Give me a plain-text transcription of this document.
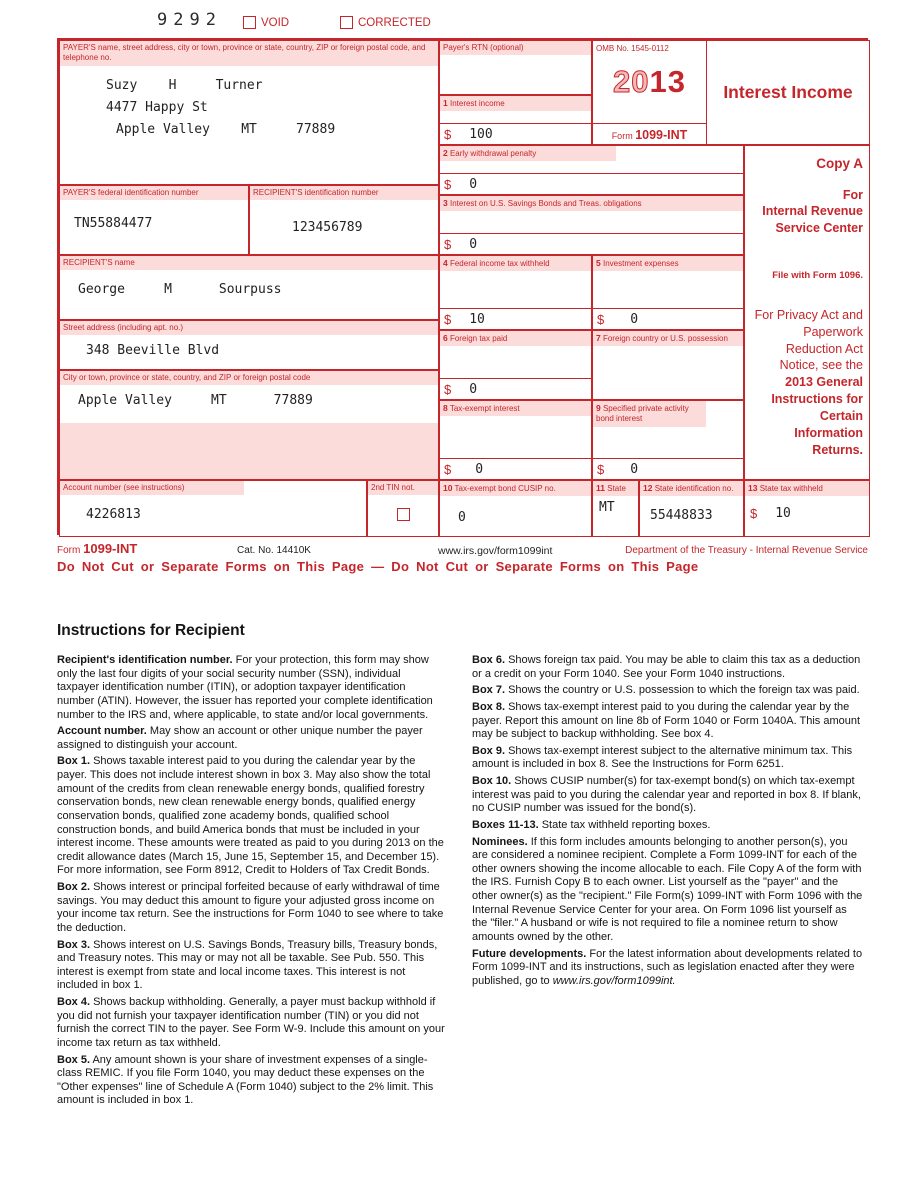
9292	VOID	CORRECTED
PAYER'S name, street address, city or town, province or state, country, ZIP or foreign postal code, and telephone no.
Suzy    H     Turner
4477 Happy St
Apple Valley    MT     77889
Payer's RTN (optional)
1 Interest income
$ 100
OMB No. 1545-0112
2013
Form 1099-INT
Interest Income
2 Early withdrawal penalty
$ 0
Copy A
For
Internal Revenue
Service Center
File with Form 1096.
For Privacy Act and Paperwork Reduction Act Notice, see the 2013 General Instructions for Certain Information Returns.
PAYER'S federal identification number
TN55884477
RECIPIENT'S identification number
123456789
3 Interest on U.S. Savings Bonds and Treas. obligations
$ 0
RECIPIENT'S name
George     M      Sourpuss
4 Federal income tax withheld
$ 10
5 Investment expenses
$ 0
Street address (including apt. no.)
348 Beeville Blvd
6 Foreign tax paid
$ 0
7 Foreign country or U.S. possession
City or town, province or state, country, and ZIP or foreign postal code
Apple Valley     MT      77889	8 Tax-exempt interest
$ 0
9 Specified private activity bond interest
$ 0
Account number (see instructions)
4226813
2nd TIN not.	10 Tax-exempt bond CUSIP no.
0
11 State
MT
12 State identification no.
55448833
13 State tax withheld
$ 10
Form 1099-INT	Cat. No. 14410K	www.irs.gov/form1099int	Department of the Treasury - Internal Revenue Service
Do Not Cut or Separate Forms on This Page — Do Not Cut or Separate Forms on This Page
Instructions for Recipient

Recipient's identification number. For your protection, this form may show only the last four digits of your social security number (SSN), individual taxpayer identification number (ITIN), or adoption taxpayer identification number (ATIN). However, the issuer has reported your complete identification number to the IRS and, where applicable, to state and/or local governments.

Account number. May show an account or other unique number the payer assigned to distinguish your account.

Box 1. Shows taxable interest paid to you during the calendar year by the payer. This does not include interest shown in box 3. May also show the total amount of the credits from clean renewable energy bonds, qualified forestry conservation bonds, new clean renewable energy bonds, qualified energy conservation bonds, qualified zone academy bonds, qualified school construction bonds, and build America bonds that must be included in your interest income. These amounts were treated as paid to you during 2013 on the credit allowance dates (March 15, June 15, September 15, and December 15). For more information, see Form 8912, Credit to Holders of Tax Credit Bonds.

Box 2. Shows interest or principal forfeited because of early withdrawal of time savings. You may deduct this amount to figure your adjusted gross income on your income tax return. See the instructions for Form 1040 to see where to take the deduction.

Box 3. Shows interest on U.S. Savings Bonds, Treasury bills, Treasury bonds, and Treasury notes. This may or may not all be taxable. See Pub. 550. This interest is exempt from state and local income taxes. This interest is not included in box 1.

Box 4. Shows backup withholding. Generally, a payer must backup withhold if you did not furnish your taxpayer identification number (TIN) or you did not furnish the correct TIN to the payer. See Form W-9. Include this amount on your income tax return as tax withheld.

Box 5. Any amount shown is your share of investment expenses of a single-class REMIC. If you file Form 1040, you may deduct these expenses on the "Other expenses" line of Schedule A (Form 1040) subject to the 2% limit. This amount is included in box 1.

Box 6. Shows foreign tax paid. You may be able to claim this tax as a deduction or a credit on your Form 1040. See your Form 1040 instructions.

Box 7. Shows the country or U.S. possession to which the foreign tax was paid.

Box 8. Shows tax-exempt interest paid to you during the calendar year by the payer. Report this amount on line 8b of Form 1040 or Form 1040A. This amount may be subject to backup withholding. See box 4.

Box 9. Shows tax-exempt interest subject to the alternative minimum tax. This amount is included in box 8. See the Instructions for Form 6251.

Box 10. Shows CUSIP number(s) for tax-exempt bond(s) on which tax-exempt interest was paid to you during the calendar year and reported in box 8. If blank, no CUSIP number was issued for the bond(s).

Boxes 11-13. State tax withheld reporting boxes.

Nominees. If this form includes amounts belonging to another person(s), you are considered a nominee recipient. Complete a Form 1099-INT for each of the other owners showing the income allocable to each. File Copy A of the form with the IRS. Furnish Copy B to each owner. List yourself as the "payer" and the other owner(s) as the "recipient." File Form(s) 1099-INT with Form 1096 with the Internal Revenue Service Center for your area. On Form 1096 list yourself as the "filer." A husband or wife is not required to file a nominee return to show amounts owned by the other.

Future developments. For the latest information about developments related to Form 1099-INT and its instructions, such as legislation enacted after they were published, go to www.irs.gov/form1099int.
